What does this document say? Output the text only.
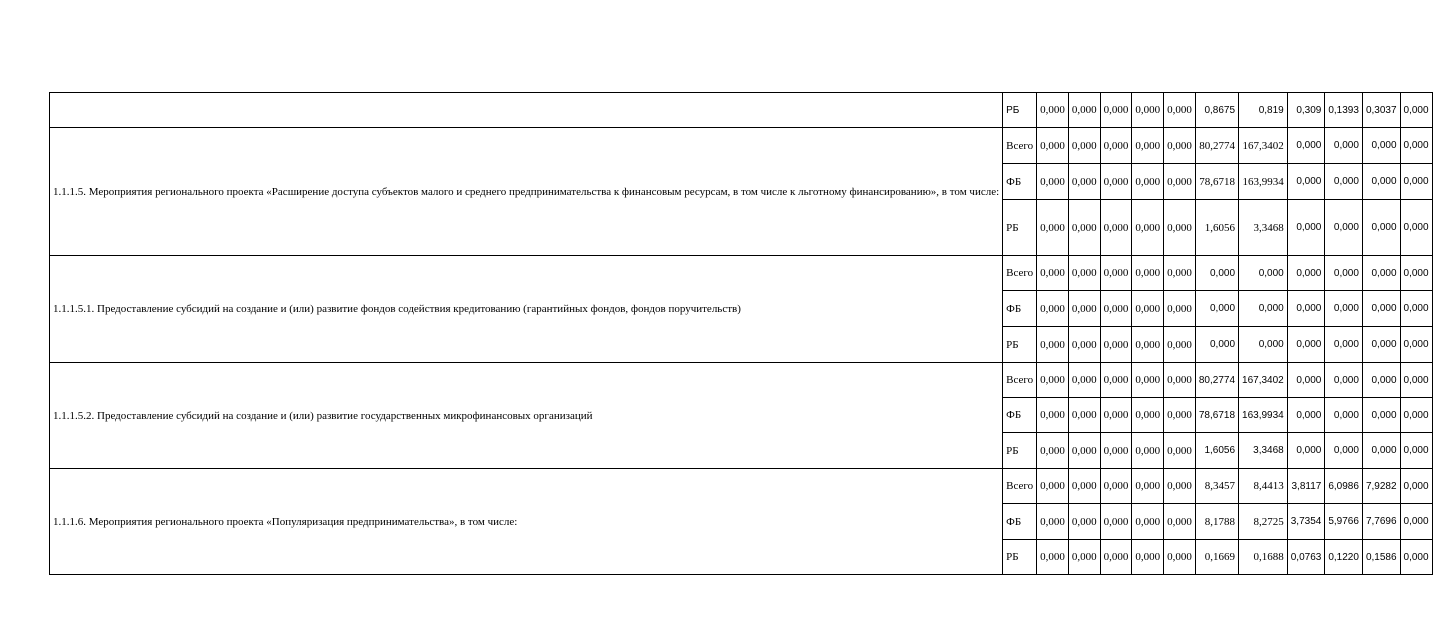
	РБ	0,000	0,000	0,000	0,000	0,000	0,8675	0,819	0,309	0,1393	0,3037	0,000
1.1.1.5. Мероприятия регионального проекта «Расширение доступа субъектов малого и среднего предпринимательства к финансовым ресурсам, в том числе к льготному финансированию», в том числе:	Всего	0,000	0,000	0,000	0,000	0,000	80,2774	167,3402	0,000	0,000	0,000	0,000
	ФБ	0,000	0,000	0,000	0,000	0,000	78,6718	163,9934	0,000	0,000	0,000	0,000
	РБ	0,000	0,000	0,000	0,000	0,000	1,6056	3,3468	0,000	0,000	0,000	0,000
1.1.1.5.1. Предоставление субсидий на создание и (или) развитие фондов содействия кредитованию (гарантийных фондов, фондов поручительств)	Всего	0,000	0,000	0,000	0,000	0,000	0,000	0,000	0,000	0,000	0,000	0,000
	ФБ	0,000	0,000	0,000	0,000	0,000	0,000	0,000	0,000	0,000	0,000	0,000
	РБ	0,000	0,000	0,000	0,000	0,000	0,000	0,000	0,000	0,000	0,000	0,000
1.1.1.5.2. Предоставление субсидий на создание и (или) развитие государственных микрофинансовых организаций	Всего	0,000	0,000	0,000	0,000	0,000	80,2774	167,3402	0,000	0,000	0,000	0,000
	ФБ	0,000	0,000	0,000	0,000	0,000	78,6718	163,9934	0,000	0,000	0,000	0,000
	РБ	0,000	0,000	0,000	0,000	0,000	1,6056	3,3468	0,000	0,000	0,000	0,000
1.1.1.6. Мероприятия регионального проекта «Популяризация предпринимательства», в том числе:	Всего	0,000	0,000	0,000	0,000	0,000	8,3457	8,4413	3,8117	6,0986	7,9282	0,000
	ФБ	0,000	0,000	0,000	0,000	0,000	8,1788	8,2725	3,7354	5,9766	7,7696	0,000
	РБ	0,000	0,000	0,000	0,000	0,000	0,1669	0,1688	0,0763	0,1220	0,1586	0,000
